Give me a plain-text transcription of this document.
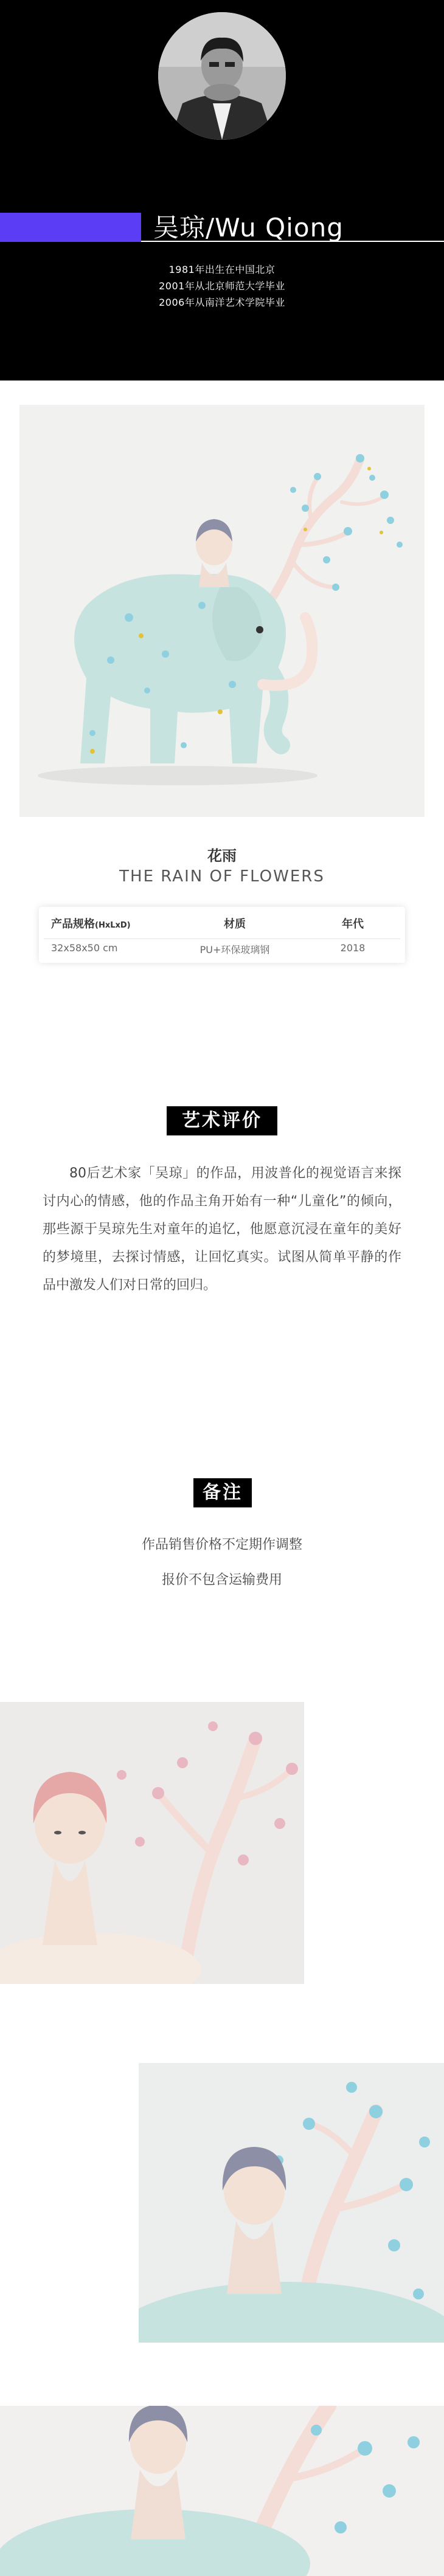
吴琼/Wu Qiong
1981年出生在中国北京
2001年从北京师范大学毕业
2006年从南洋艺术学院毕业
花雨
THE RAIN OF FLOWERS
产品规格(HxLxD)
32x58x50 cm
材质
PU+环保玻璃钢
年代
2018
艺术评价
80后艺术家「吴琼」的作品，用波普化的视觉语言来探讨内心的情感，他的作品主角开始有一种“儿童化”的倾向，那些源于吴琼先生对童年的追忆，他愿意沉浸在童年的美好的梦境里，去探讨情感，让回忆真实。试图从简单平静的作品中激发人们对日常的回归。
备注
作品销售价格不定期作调整
报价不包含运输费用
